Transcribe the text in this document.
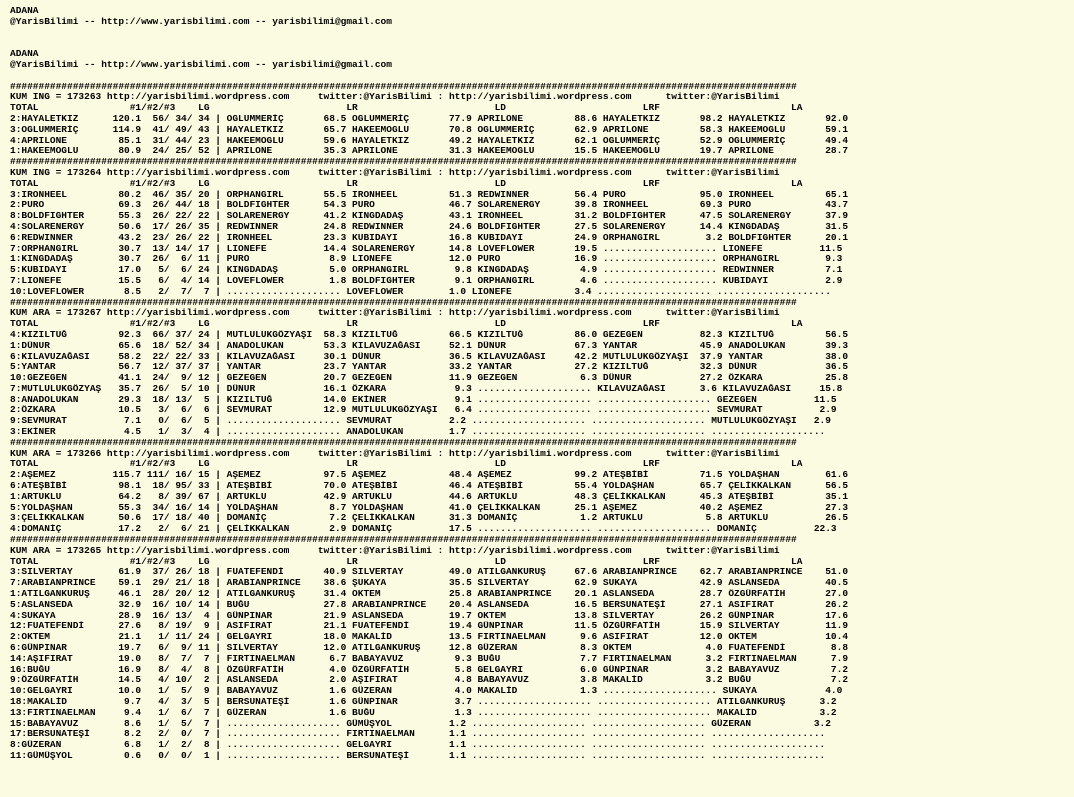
ADANA
@YarisBilimi -- http://www.yarisbilimi.com -- yarisbilimi@gmail.com

ADANA
@YarisBilimi -- http://www.yarisbilimi.com -- yarisbilimi@gmail.com

##########################################################################################################################################
KUM ING = 173263 http://yarisbilimi.wordpress.com     twitter:@YarisBilimi : http://yarisbilimi.wordpress.com      twitter:@YarisBilimi
TOTAL                #1/#2/#3    LG                        LR                        LD                        LRF                       LA
2:HAYALETKIZ      120.1  56/ 34/ 34 | OGLUMMERİÇ       68.5 OGLUMMERİÇ       77.9 APRILONE         88.6 HAYALETKIZ       98.2 HAYALETKIZ       92.0
3:OGLUMMERİÇ      114.9  41/ 49/ 43 | HAYALETKIZ       65.7 HAKEEMOGLU       70.8 OGLUMMERİÇ       62.9 APRILONE         58.3 HAKEEMOGLU       59.1
4:APRILONE         85.1  31/ 44/ 23 | HAKEEMOGLU       59.6 HAYALETKIZ       49.2 HAYALETKIZ       62.1 OGLUMMERİÇ       52.9 OGLUMMERİÇ       49.4
1:HAKEEMOGLU       80.9  24/ 25/ 52 | APRILONE         35.3 APRILONE         31.3 HAKEEMOGLU       15.5 HAKEEMOGLU       19.7 APRILONE         28.7
##########################################################################################################################################
KUM ING = 173264 http://yarisbilimi.wordpress.com     twitter:@YarisBilimi : http://yarisbilimi.wordpress.com      twitter:@YarisBilimi
TOTAL                #1/#2/#3    LG                        LR                        LD                        LRF                       LA
3:IRONHEEL         80.2  46/ 35/ 20 | ORPHANGIRL       55.5 IRONHEEL         51.3 REDWINNER        56.4 PURO             95.0 IRONHEEL         65.1
2:PURO             69.3  26/ 44/ 18 | BOLDFIGHTER      54.3 PURO             46.7 SOLARENERGY      39.8 IRONHEEL         69.3 PURO             43.7
8:BOLDFIGHTER      55.3  26/ 22/ 22 | SOLARENERGY      41.2 KINGDADAŞ        43.1 IRONHEEL         31.2 BOLDFIGHTER      47.5 SOLARENERGY      37.9
4:SOLARENERGY      50.6  17/ 26/ 35 | REDWINNER        24.8 REDWINNER        24.6 BOLDFIGHTER      27.5 SOLARENERGY      14.4 KINGDADAŞ        31.5
6:REDWINNER        43.2  23/ 26/ 22 | IRONHEEL         23.3 KUBIDAYI         16.8 KUBIDAYI         24.9 ORPHANGIRL        3.2 BOLDFIGHTER      20.1
7:ORPHANGIRL       30.7  13/ 14/ 17 | LIONEFE          14.4 SOLARENERGY      14.8 LOVEFLOWER       19.5 .................... LIONEFE          11.5
1:KINGDADAŞ        30.7  26/  6/ 11 | PURO              8.9 LIONEFE          12.0 PURO             16.9 .................... ORPHANGIRL        9.3
5:KUBIDAYI         17.0   5/  6/ 24 | KINGDADAŞ         5.0 ORPHANGIRL        9.8 KINGDADAŞ         4.9 .................... REDWINNER         7.1
7:LIONEFE          15.5   6/  4/ 14 | LOVEFLOWER        1.8 BOLDFIGHTER       9.1 ORPHANGIRL        4.6 .................... KUBIDAYI          2.9
10:LOVEFLOWER       8.5   2/  7/  7 | .................... LOVEFLOWER        1.0 LIONEFE           3.4 .................... ....................
##########################################################################################################################################
KUM ARA = 173267 http://yarisbilimi.wordpress.com     twitter:@YarisBilimi : http://yarisbilimi.wordpress.com      twitter:@YarisBilimi
TOTAL                #1/#2/#3    LG                        LR                        LD                        LRF                       LA
4:KIZILTUĞ         92.3  66/ 37/ 24 | MUTLULUKGÖZYAŞI  58.3 KIZILTUĞ         66.5 KIZILTUĞ         86.0 GEZEGEN          82.3 KIZILTUĞ         56.5
1:DÜNUR            65.6  18/ 52/ 34 | ANADOLUKAN       53.3 KILAVUZAĞASI     52.1 DÜNUR            67.3 YANTAR           45.9 ANADOLUKAN       39.3
6:KILAVUZAĞASI     58.2  22/ 22/ 33 | KILAVUZAĞASI     30.1 DÜNUR            36.5 KILAVUZAĞASI     42.2 MUTLULUKGÖZYAŞI  37.9 YANTAR           38.0
5:YANTAR           56.7  12/ 37/ 37 | YANTAR           23.7 YANTAR           33.2 YANTAR           27.2 KIZILTUĞ         32.3 DÜNUR            36.5
10:GEZEGEN         41.1  24/  9/ 12 | GEZEGEN          20.7 GEZEGEN          11.9 GEZEGEN           6.3 DÜNUR            27.2 ÖZKARA           25.8
7:MUTLULUKGÖZYAŞ   35.7  26/  5/ 10 | DÜNUR            16.1 ÖZKARA            9.3 .................... KILAVUZAĞASI      3.6 KILAVUZAĞASI     15.8
8:ANADOLUKAN       29.3  18/ 13/  5 | KIZILTUĞ         14.0 EKİNER            9.1 .................... .................... GEZEGEN          11.5
2:ÖZKARA           10.5   3/  6/  6 | SEVMURAT         12.9 MUTLULUKGÖZYAŞI   6.4 .................... .................... SEVMURAT          2.9
9:SEVMURAT          7.1   0/  6/  5 | .................... SEVMURAT          2.2 .................... .................... MUTLULUKGÖZYAŞI   2.9
3:EKİNER            4.5   1/  3/  4 | .................... ANADOLUKAN        1.7 .................... .................... ....................
##########################################################################################################################################
KUM ARA = 173266 http://yarisbilimi.wordpress.com     twitter:@YarisBilimi : http://yarisbilimi.wordpress.com      twitter:@YarisBilimi
TOTAL                #1/#2/#3    LG                        LR                        LD                        LRF                       LA
2:AŞEMEZ          115.7 111/ 16/ 15 | AŞEMEZ           97.5 AŞEMEZ           48.4 AŞEMEZ           99.2 ATEŞBİBİ         71.5 YOLDAŞHAN        61.6
6:ATEŞBİBİ         98.1  18/ 95/ 33 | ATEŞBİBİ         70.0 ATEŞBİBİ         46.4 ATEŞBİBİ         55.4 YOLDAŞHAN        65.7 ÇELİKKALKAN      56.5
1:ARTUKLU          64.2   8/ 39/ 67 | ARTUKLU          42.9 ARTUKLU          44.6 ARTUKLU          48.3 ÇELİKKALKAN      45.3 ATEŞBİBİ         35.1
5:YOLDAŞHAN        55.3  34/ 16/ 14 | YOLDAŞHAN         8.7 YOLDAŞHAN        41.0 ÇELİKKALKAN      25.1 AŞEMEZ           40.2 AŞEMEZ           27.3
3:ÇELİKKALKAN      50.6  17/ 18/ 40 | DOMANİÇ           7.2 ÇELİKKALKAN      31.3 DOMANİÇ           1.2 ARTUKLU           5.8 ARTUKLU          26.5
4:DOMANİÇ          17.2   2/  6/ 21 | ÇELİKKALKAN       2.9 DOMANİÇ          17.5 .................... .................... DOMANİÇ          22.3
##########################################################################################################################################
KUM ARA = 173265 http://yarisbilimi.wordpress.com     twitter:@YarisBilimi : http://yarisbilimi.wordpress.com      twitter:@YarisBilimi
TOTAL                #1/#2/#3    LG                        LR                        LD                        LRF                       LA
3:SILVERTAY        61.9  37/ 26/ 18 | FUATEFENDİ       40.9 SILVERTAY        49.0 ATILGANKURUŞ     67.6 ARABIANPRINCE    62.7 ARABIANPRINCE    51.0
7:ARABIANPRINCE    59.1  29/ 21/ 18 | ARABIANPRINCE    38.6 ŞUKAYA           35.5 SILVERTAY        62.9 SUKAYA           42.9 ASLANSEDA        40.5
1:ATILGANKURUŞ     46.1  28/ 20/ 12 | ATILGANKURUŞ     31.4 OKTEM            25.8 ARABIANPRINCE    20.1 ASLANSEDA        28.7 ÖZGÜRFATİH       27.0
5:ASLANSEDA        32.9  16/ 10/ 14 | BUĞU             27.8 ARABIANPRINCE    20.4 ASLANSEDA        16.5 BERSUNATEŞİ      27.1 ASIFIRAT         26.2
4:SUKAYA           28.9  16/ 13/  4 | GÜNPINAR         21.9 ASLANSEDA        19.7 OKTEM            13.8 SILVERTAY        26.2 GÜNPINAR         17.6
12:FUATEFENDİ      27.6   8/ 19/  9 | ASIFIRAT         21.1 FUATEFENDİ       19.4 GÜNPINAR         11.5 ÖZGÜRFATİH       15.9 SILVERTAY        11.9
2:OKTEM            21.1   1/ 11/ 24 | GELGAYRI         18.0 MAKALİD          13.5 FIRTINAELMAN      9.6 ASIFIRAT         12.0 OKTEM            10.4
6:GÜNPINAR         19.7   6/  9/ 11 | SILVERTAY        12.0 ATILGANKURUŞ     12.8 GÜZERAN           8.3 OKTEM             4.0 FUATEFENDİ        8.8
14:AŞIFIRAT        19.0   8/  7/  7 | FIRTINAELMAN      6.7 BABAYAVUZ         9.3 BUĞU              7.7 FIRTINAELMAN      3.2 FIRTINAELMAN      7.9
16:BUĞU            16.9   8/  4/  8 | ÖZGÜRFATİH        4.0 ÖZGÜRFATİH        5.8 GELGAYRI          6.0 GÜNPINAR          3.2 BABAYAVUZ         7.2
9:ÖZGÜRFATİH       14.5   4/ 10/  2 | ASLANSEDA         2.0 AŞIFIRAT          4.8 BABAYAVUZ         3.8 MAKALİD           3.2 BUĞU              7.2
10:GELGAYRI        10.0   1/  5/  9 | BABAYAVUZ         1.6 GÜZERAN           4.0 MAKALİD           1.3 .................... SUKAYA            4.0
18:MAKALİD          9.7   4/  3/  5 | BERSUNATEŞİ       1.6 GÜNPINAR          3.7 .................... .................... ATILGANKURUŞ      3.2
13:FIRTINAELMAN     9.4   1/  6/  7 | GÜZERAN           1.6 BUĞU              1.3 .................... .................... MAKALİD           3.2
15:BABAYAVUZ        8.6   1/  5/  7 | .................... GÜMÜŞYOL          1.2 .................... .................... GÜZERAN           3.2
17:BERSUNATEŞİ      8.2   2/  0/  7 | .................... FIRTINAELMAN      1.1 .................... .................... ....................
8:GÜZERAN           6.8   1/  2/  8 | .................... GELGAYRI          1.1 .................... .................... ....................
11:GÜMÜŞYOL         0.6   0/  0/  1 | .................... BERSUNATEŞİ       1.1 .................... .................... ....................
